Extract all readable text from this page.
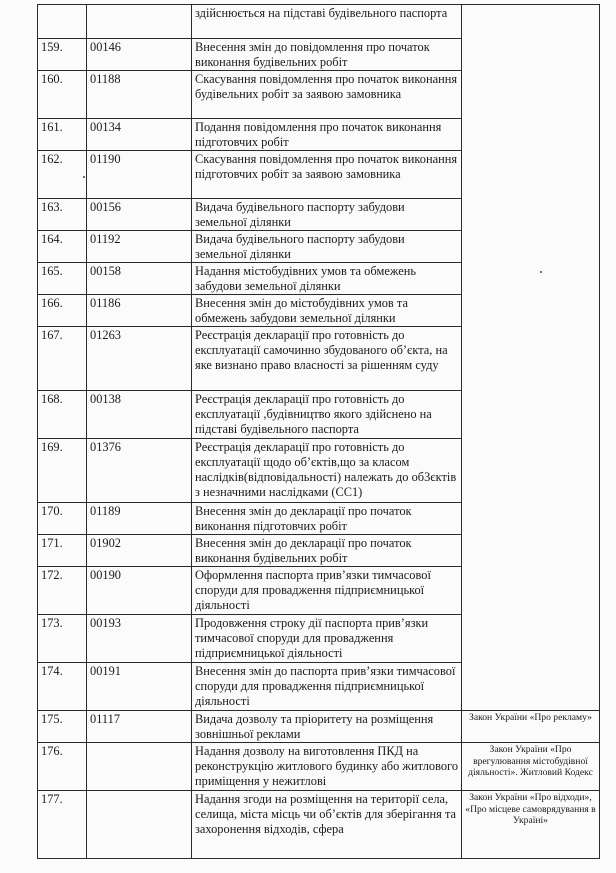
		здійснюється на підставі будівельного паспорта	
159.	00146	Внесення змін до повідомлення про початок виконання будівельних робіт	
160.	01188	Скасування повідомлення про початок виконання будівельних робіт за заявою замовника	
161.	00134	Подання повідомлення про початок виконання підготовчих робіт	
162.	01190	Скасування повідомлення про початок виконання підготовчих робіт за заявою замовника	
163.	00156	Видача будівельного паспорту забудови земельної ділянки	
164.	01192	Видача будівельного паспорту забудови земельної ділянки	
165.	00158	Надання містобудівних умов та обмежень забудови земельної ділянки	
166.	01186	Внесення змін до містобудівних умов та обмежень забудови земельної ділянки	
167.	01263	Реєстрація декларації про готовність до експлуатації самочинно збудованого об’єкта, на яке визнано право власності за рішенням суду	
168.	00138	Реєстрація декларації про готовність до експлуатації ,будівництво якого здійснено на підставі будівельного паспорта	
169.	01376	Реєстрація декларації про готовність до експлуатації щодо об’єктів,що за класом наслідків(відповідальності) належать до об3єктів з незначними наслідками (СС1)	
170.	01189	Внесення змін до декларації про початок виконання підготовчих робіт	
171.	01902	Внесення змін до декларації про початок виконання будівельних робіт	
172.	00190	Оформлення паспорта прив’язки тимчасової споруди для провадження підприємницької діяльності	
173.	00193	Продовження строку дії паспорта прив’язки тимчасової споруди для провадження підприємницької діяльності	
174.	00191	Внесення змін до паспорта прив’язки тимчасової споруди для провадження підприємницької діяльності	
175.	01117	Видача дозволу та пріоритету на розміщення зовнішньої реклами	Закон України «Про рекламу»
176.		Надання дозволу на виготовлення ПКД на реконструкцію житлового будинку або житлового приміщення у нежитлові	Закон України «Про врегулювання містобудівної діяльності». Житловий Кодекс
177.		Надання згоди на розміщення на території села, селища, міста місць чи об’єктів для зберігання та захоронення відходів, сфера	Закон України «Про відходи», «Про місцеве самоврядування в Україні»
